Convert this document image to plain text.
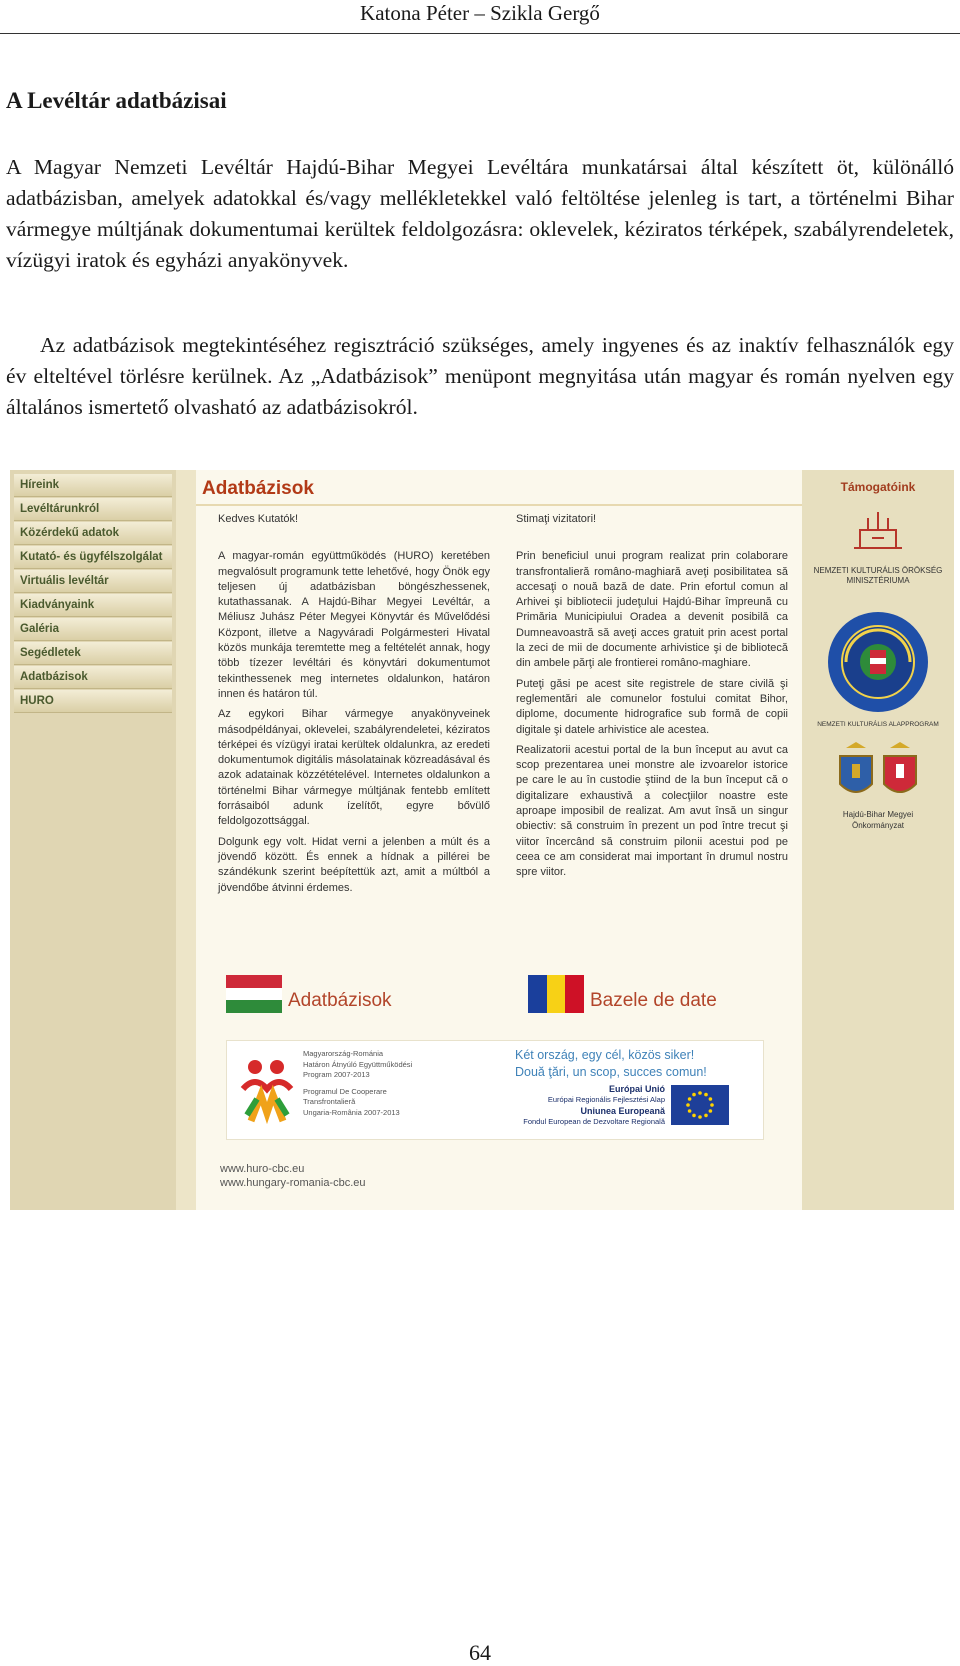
Katona Péter – Szikla Gergő
A Levéltár adatbázisai
A Magyar Nemzeti Levéltár Hajdú-Bihar Megyei Levéltára munkatársai által készített öt, különálló adatbázisban, amelyek adatokkal és/vagy mellékletekkel való feltöltése jelenleg is tart, a történelmi Bihar vármegye múltjának dokumentumai kerültek feldolgozásra: oklevelek, kéziratos térképek, szabályrendeletek, vízügyi iratok és egyházi anyakönyvek.
Az adatbázisok megtekintéséhez regisztráció szükséges, amely ingyenes és az inaktív felhasználók egy év elteltével törlésre kerülnek. Az „Adatbázisok” menüpont megnyitása után magyar és román nyelven egy általános ismertető olvasható az adatbázisokról.
Híreink
Levéltárunkról
Közérdekű adatok
Kutató- és ügyfélszolgálat
Virtuális levéltár
Kiadványaink
Galéria
Segédletek
Adatbázisok
HURO
Adatbázisok

Kedves Kutatók!

A magyar-román együttműködés (HURO) keretében megvalósult programunk tette lehetővé, hogy Önök egy teljesen új adatbázisban böngészhessenek, kutathassanak. A Hajdú-Bihar Megyei Levéltár, a Méliusz Juhász Péter Megyei Könyvtár és Művelődési Központ, illetve a Nagyváradi Polgármesteri Hivatal közös munkája teremtette meg a feltételét annak, hogy több tízezer levéltári és könyvtári dokumentumot tekinthessenek meg internetes oldalunkon, határon innen és határon túl.

Az egykori Bihar vármegye anyakönyveinek másodpéldányai, oklevelei, szabályrendeletei, kéziratos térképei és vízügyi iratai kerültek oldalunkra, az eredeti dokumentumok digitális másolatainak közreadásával és azok adatainak közzétételével. Internetes oldalunkon a történelmi Bihar vármegye múltjának fentebb említett forrásaiból adunk ízelítőt, egyre bővülő feldolgozottsággal.

Dolgunk egy volt. Hidat verni a jelenben a múlt és a jövendő között. És ennek a hídnak a pillérei be szándékunk szerint beépítettük azt, amit a múltból a jövendőbe átvinni érdemes.

Stimaţi vizitatori!

Prin beneficiul unui program realizat prin colaborare transfrontalieră româno-maghiară aveţi posibilitatea să accesaţi o nouă bază de date. Prin efortul comun al Arhivei şi bibliotecii judeţului Hajdú-Bihar împreună cu Primăria Municipiului Oradea a devenit posibilă ca Dumneavoastră să aveţi acces gratuit prin acest portal la zeci de mii de documente arhivistice şi de bibliotecă din ambele părţi ale frontierei româno-maghiare.

Puteţi găsi pe acest site registrele de stare civilă şi reglementări ale comunelor fostului comitat Bihor, diplome, documente hidrografice sub formă de copii digitale şi datele arhivistice ale acestea.

Realizatorii acestui portal de la bun început au avut ca scop prezentarea unei monstre ale izvoarelor istorice pe care le au în custodie ştiind de la bun început că o digitalizare exhaustivă a colecţiilor noastre este aproape imposibil de realizat. Am avut însă un singur obiectiv: să construim în prezent un pod între trecut şi viitor încercând să construim pilonii acestui pod pe ceea ce am considerat mai important în drumul nostru spre viitor.

Adatbázisok	Bazele de date
Magyarország-Románia
Határon Átnyúló Együttműködési
Program 2007-2013
Programul De Cooperare
Transfrontalieră
Ungaria-România 2007-2013
Két ország, egy cél, közös siker!
Două ţări, un scop, succes comun!
Európai Unió
Európai Regionális Fejlesztési Alap
Uniunea Europeană
Fondul European de Dezvoltare Regională
www.huro-cbc.eu
www.hungary-romania-cbc.eu
Támogatóink
NEMZETI KULTURÁLIS ÖRÖKSÉG MINISZTÉRIUMA
NEMZETI KULTURÁLIS ALAPPROGRAM
Hajdú-Bihar Megyei
Önkormányzat
64
